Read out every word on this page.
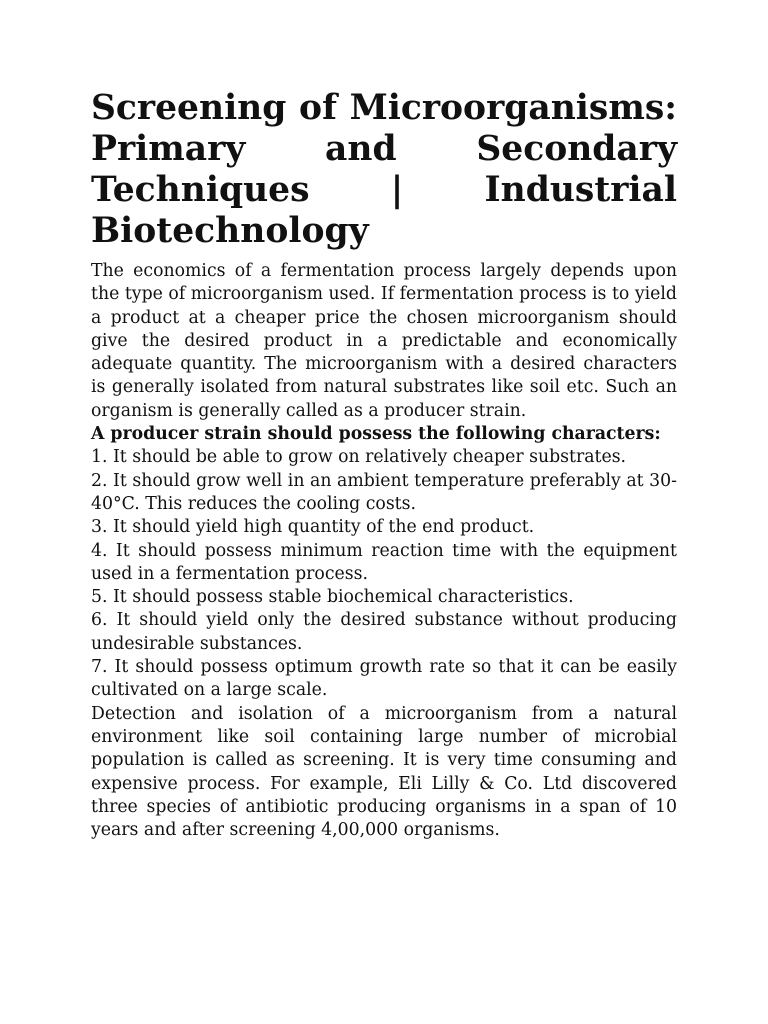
Screening of Microorganisms: Primary and Secondary Techniques | Industrial Biotechnology

The economics of a fermentation process largely depends upon the type of microorganism used. If fermentation process is to yield a product at a cheaper price the chosen microorganism should give the desired product in a predictable and economically adequate quantity. The microorganism with a desired characters is generally isolated from natural substrates like soil etc. Such an organism is generally called as a producer strain.

A producer strain should possess the following characters:

1. It should be able to grow on relatively cheaper substrates.

2. It should grow well in an ambient temperature preferably at 30-40°C. This reduces the cooling costs.

3. It should yield high quantity of the end product.

4. It should possess minimum reaction time with the equipment used in a fermentation process.

5. It should possess stable biochemical characteristics.

6. It should yield only the desired substance without producing undesirable substances.

7. It should possess optimum growth rate so that it can be easily cultivated on a large scale.

Detection and isolation of a microorganism from a natural environment like soil containing large number of microbial population is called as screening. It is very time consuming and expensive process. For example, Eli Lilly & Co. Ltd discovered three species of antibiotic producing organisms in a span of 10 years and after screening 4,00,000 organisms.
